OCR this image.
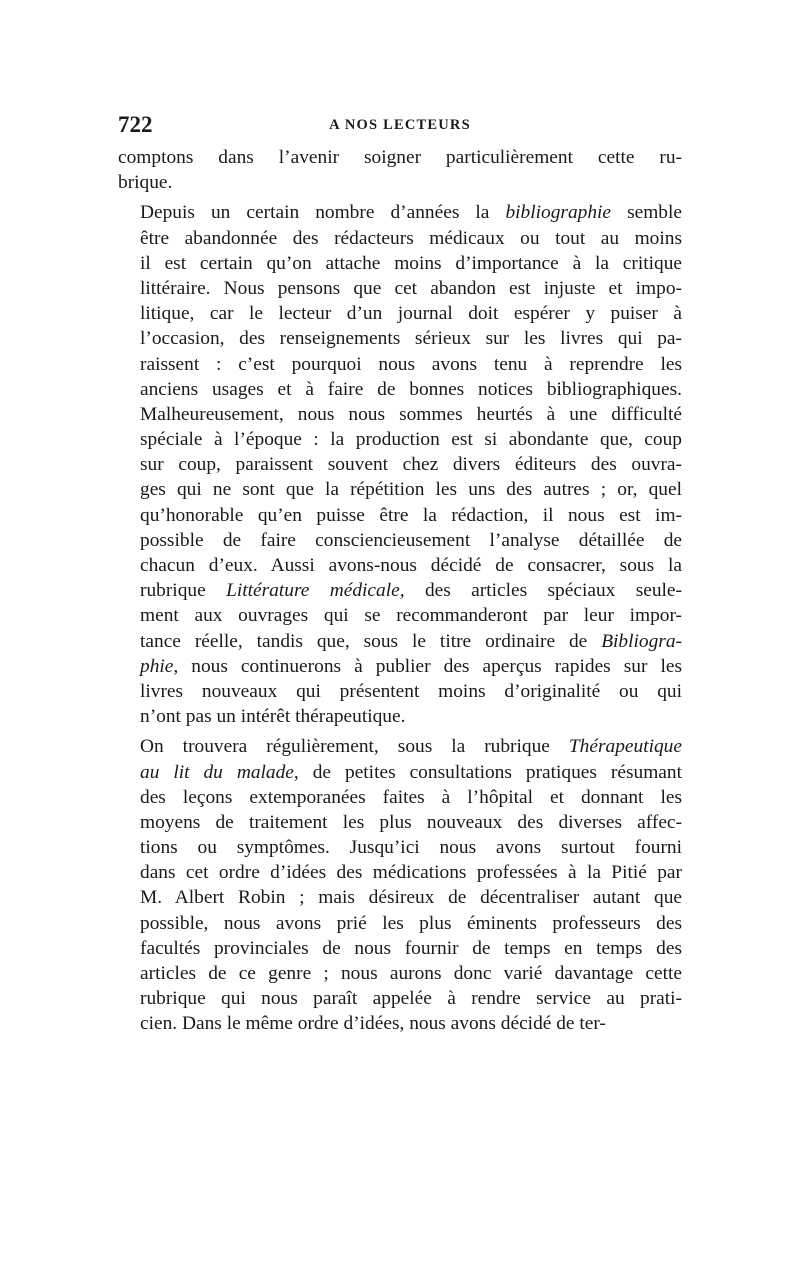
722	A NOS LECTEURS

comptons dans l’avenir soigner particulièrement cette ru-
brique.

Depuis un certain nombre d’années la bibliographie semble
être abandonnée des rédacteurs médicaux ou tout au moins
il est certain qu’on attache moins d’importance à la critique
littéraire. Nous pensons que cet abandon est injuste et impo-
litique, car le lecteur d’un journal doit espérer y puiser à
l’occasion, des renseignements sérieux sur les livres qui pa-
raissent : c’est pourquoi nous avons tenu à reprendre les
anciens usages et à faire de bonnes notices bibliographiques.
Malheureusement, nous nous sommes heurtés à une difficulté
spéciale à l’époque : la production est si abondante que, coup
sur coup, paraissent souvent chez divers éditeurs des ouvra-
ges qui ne sont que la répétition les uns des autres ; or, quel
qu’honorable qu’en puisse être la rédaction, il nous est im-
possible de faire consciencieusement l’analyse détaillée de
chacun d’eux. Aussi avons-nous décidé de consacrer, sous la
rubrique Littérature médicale, des articles spéciaux seule-
ment aux ouvrages qui se recommanderont par leur impor-
tance réelle, tandis que, sous le titre ordinaire de Bibliogra-
phie, nous continuerons à publier des aperçus rapides sur les
livres nouveaux qui présentent moins d’originalité ou qui
n’ont pas un intérêt thérapeutique.

On trouvera régulièrement, sous la rubrique Thérapeutique
au lit du malade, de petites consultations pratiques résumant
des leçons extemporanées faites à l’hôpital et donnant les
moyens de traitement les plus nouveaux des diverses affec-
tions ou symptômes. Jusqu’ici nous avons surtout fourni
dans cet ordre d’idées des médications professées à la Pitié par
M. Albert Robin ; mais désireux de décentraliser autant que
possible, nous avons prié les plus éminents professeurs des
facultés provinciales de nous fournir de temps en temps des
articles de ce genre ; nous aurons donc varié davantage cette
rubrique qui nous paraît appelée à rendre service au prati-
cien. Dans le même ordre d’idées, nous avons décidé de ter-
